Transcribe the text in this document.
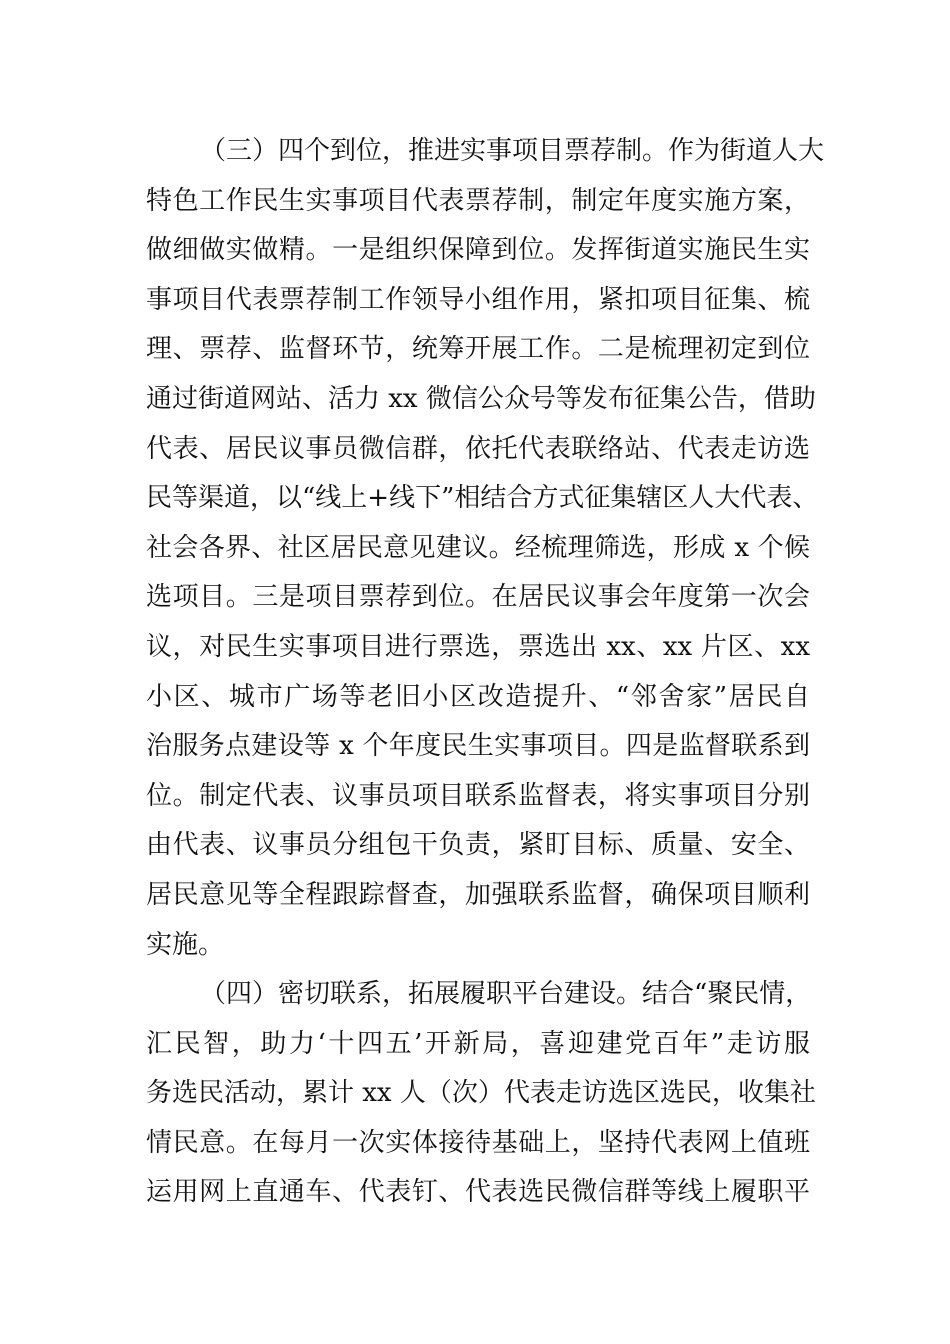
（三）四个到位，推进实事项目票荐制。作为街道人大
特色工作民生实事项目代表票荐制，制定年度实施方案，
做细做实做精。一是组织保障到位。发挥街道实施民生实
事项目代表票荐制工作领导小组作用，紧扣项目征集、梳
理、票荐、监督环节，统筹开展工作。二是梳理初定到位
通过街道网站、活力 xx 微信公众号等发布征集公告，借助
代表、居民议事员微信群，依托代表联络站、代表走访选
民等渠道，以“线上+线下”相结合方式征集辖区人大代表、
社会各界、社区居民意见建议。经梳理筛选，形成 x 个候
选项目。三是项目票荐到位。在居民议事会年度第一次会
议，对民生实事项目进行票选，票选出 xx、xx 片区、xx
小区、城市广场等老旧小区改造提升、“邻舍家”居民自
治服务点建设等 x 个年度民生实事项目。四是监督联系到
位。制定代表、议事员项目联系监督表，将实事项目分别
由代表、议事员分组包干负责，紧盯目标、质量、安全、
居民意见等全程跟踪督查，加强联系监督，确保项目顺利
实施。
（四）密切联系，拓展履职平台建设。结合“聚民情，
汇民智，助力‘十四五’开新局，喜迎建党百年”走访服
务选民活动，累计 xx 人（次）代表走访选区选民，收集社
情民意。在每月一次实体接待基础上，坚持代表网上值班
运用网上直通车、代表钉、代表选民微信群等线上履职平
